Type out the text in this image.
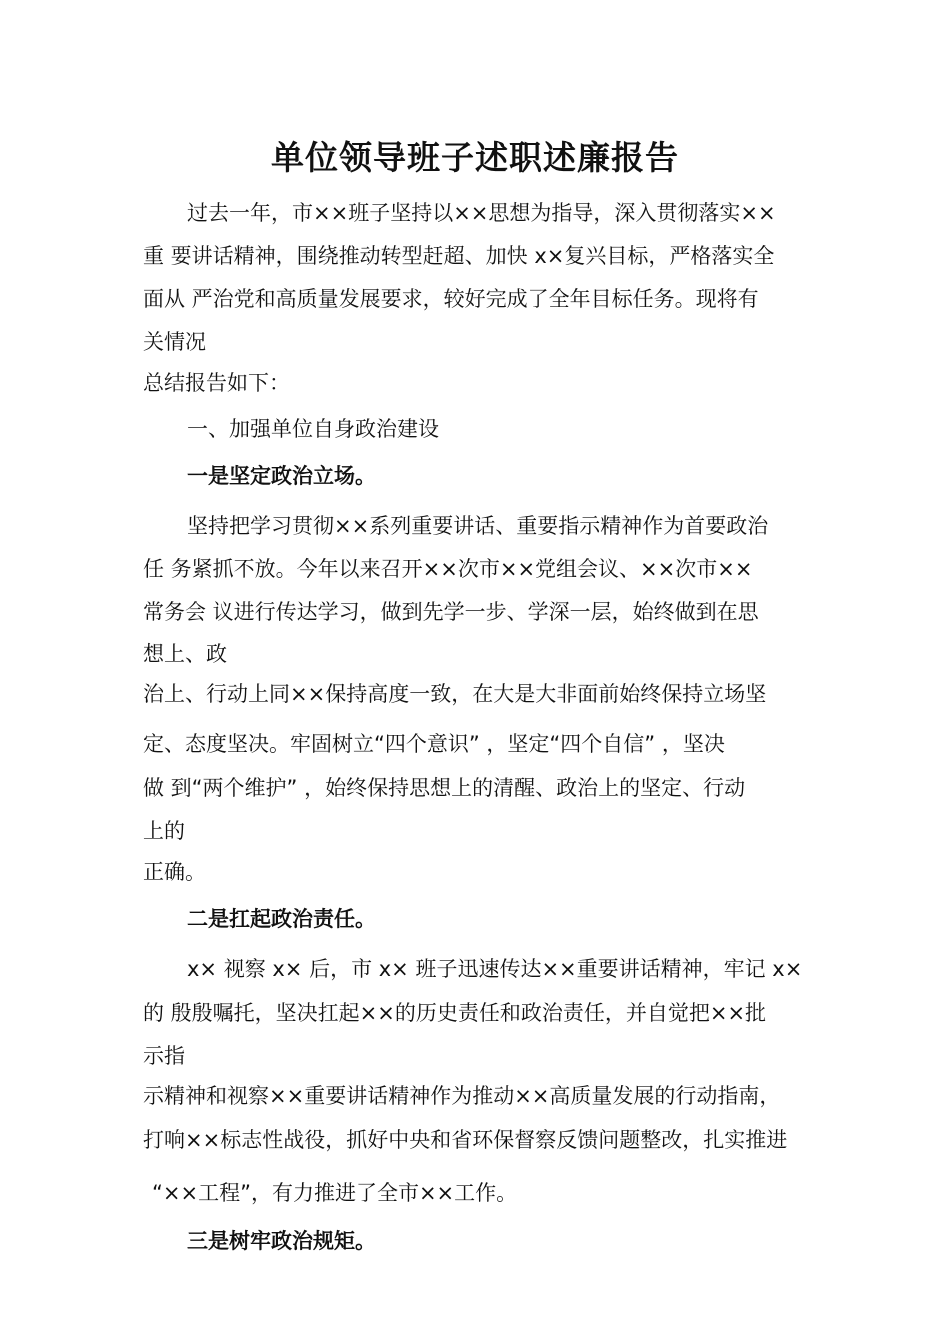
单位领导班子述职述廉报告
过去一年，市××班子坚持以××思想为指导，深入贯彻落实××
重 要讲话精神，围绕推动转型赶超、加快 x×复兴目标，严格落实全
面从 严治党和高质量发展要求，较好完成了全年目标任务。现将有
关情况
总结报告如下：
一、加强单位自身政治建设
一是坚定政治立场。
坚持把学习贯彻××系列重要讲话、重要指示精神作为首要政治
任 务紧抓不放。今年以来召开××次市××党组会议、××次市××
常务会 议进行传达学习，做到先学一步、学深一层，始终做到在思
想上、政
治上、行动上同××保持高度一致，在大是大非面前始终保持立场坚
定、态度坚决。牢固树立“四个意识” ，坚定“四个自信” ，坚决
做 到“两个维护” ，始终保持思想上的清醒、政治上的坚定、行动
上的
正确。
二是扛起政治责任。
x× 视察 x× 后，市 x× 班子迅速传达××重要讲话精神，牢记 x×
的 殷殷嘱托，坚决扛起××的历史责任和政治责任，并自觉把××批
示指
示精神和视察××重要讲话精神作为推动××高质量发展的行动指南，
打响××标志性战役，抓好中央和省环保督察反馈问题整改，扎实推进
“××工程”，有力推进了全市××工作。
三是树牢政治规矩。
